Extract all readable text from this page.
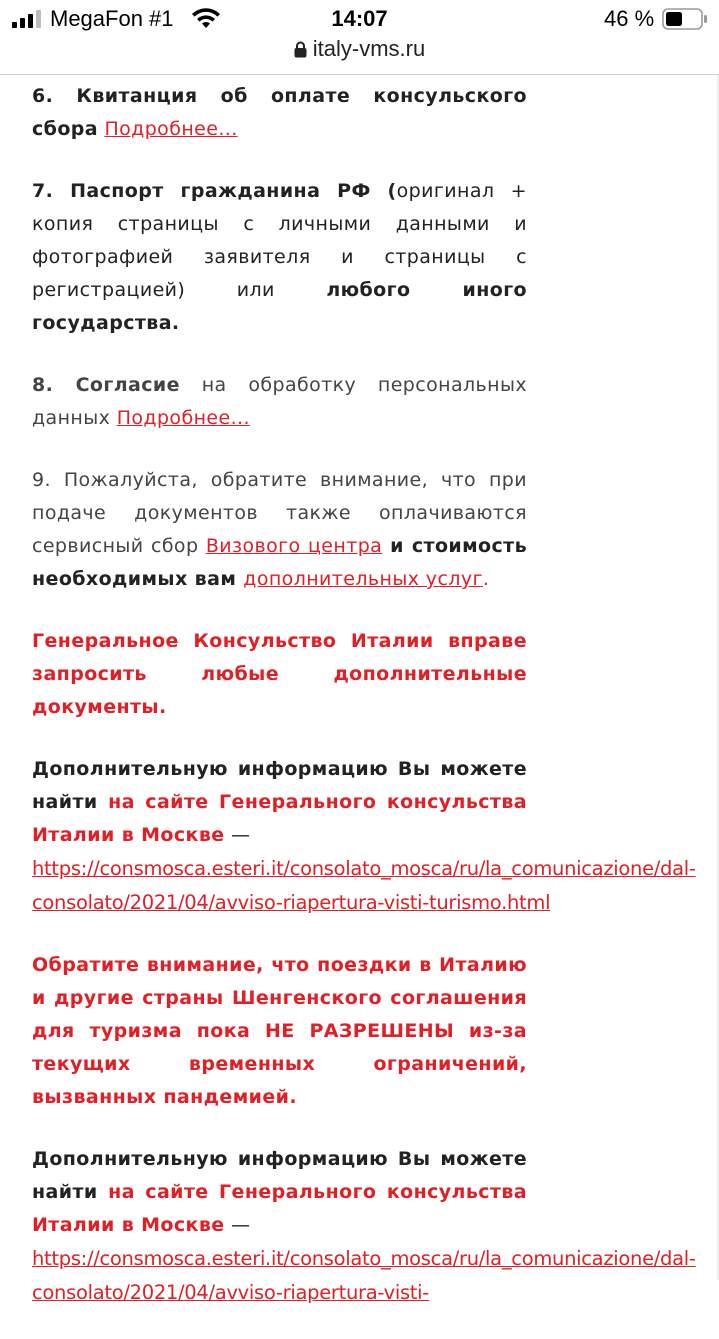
MegaFon #1	14:07	46 %
italy-vms.ru

6. Квитанция об оплате консульского сбора Подробнее...

7. Паспорт гражданина РФ (оригинал + копия страницы с личными данными и фотографией заявителя и страницы с регистрацией) или любого иного государства.

8. Согласие на обработку персональных данных Подробнее...

9. Пожалуйста, обратите внимание, что при подаче документов также оплачиваются сервисный сбор Визового центра и стоимость необходимых вам дополнительных услуг.

Генеральное Консульство Италии вправе запросить любые дополнительные документы.

Дополнительную информацию Вы можете найти на сайте Генерального консульства Италии в Москве —
https://consmosca.esteri.it/consolato_mosca/ru/la_comunicazione/dal-
consolato/2021/04/avviso-riapertura-visti-turismo.html

Обратите внимание, что поездки в Италию и другие страны Шенгенского соглашения для туризма пока НЕ РАЗРЕШЕНЫ из-за текущих временных ограничений, вызванных пандемией.

Дополнительную информацию Вы можете найти на сайте Генерального консульства Италии в Москве —
https://consmosca.esteri.it/consolato_mosca/ru/la_comunicazione/dal-
consolato/2021/04/avviso-riapertura-visti-
